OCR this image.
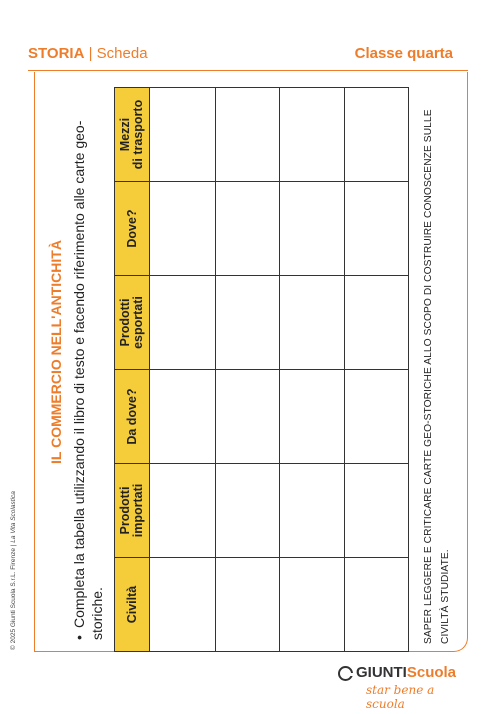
STORIA | Scheda	Classe quarta
IL COMMERCIO NELL'ANTICHITÀ
•Completa la tabella utilizzando il libro di testo e facendo riferimento alle carte geo-storiche. Civiltà
Prodotti
importati
Da dove?
Prodotti
esportati
Dove?
Mezzi
di trasporto	SAPER LEGGERE E CRITICARE CARTE GEO-STORICHE ALLO SCOPO DI COSTRUIRE CONOSCENZE SULLE CIVILTÀ STUDIATE.
© 2025 Giunti Scuola S.r.L. Firenze | La Vita Scolastica
GIUNTIScuola
star bene a scuola
